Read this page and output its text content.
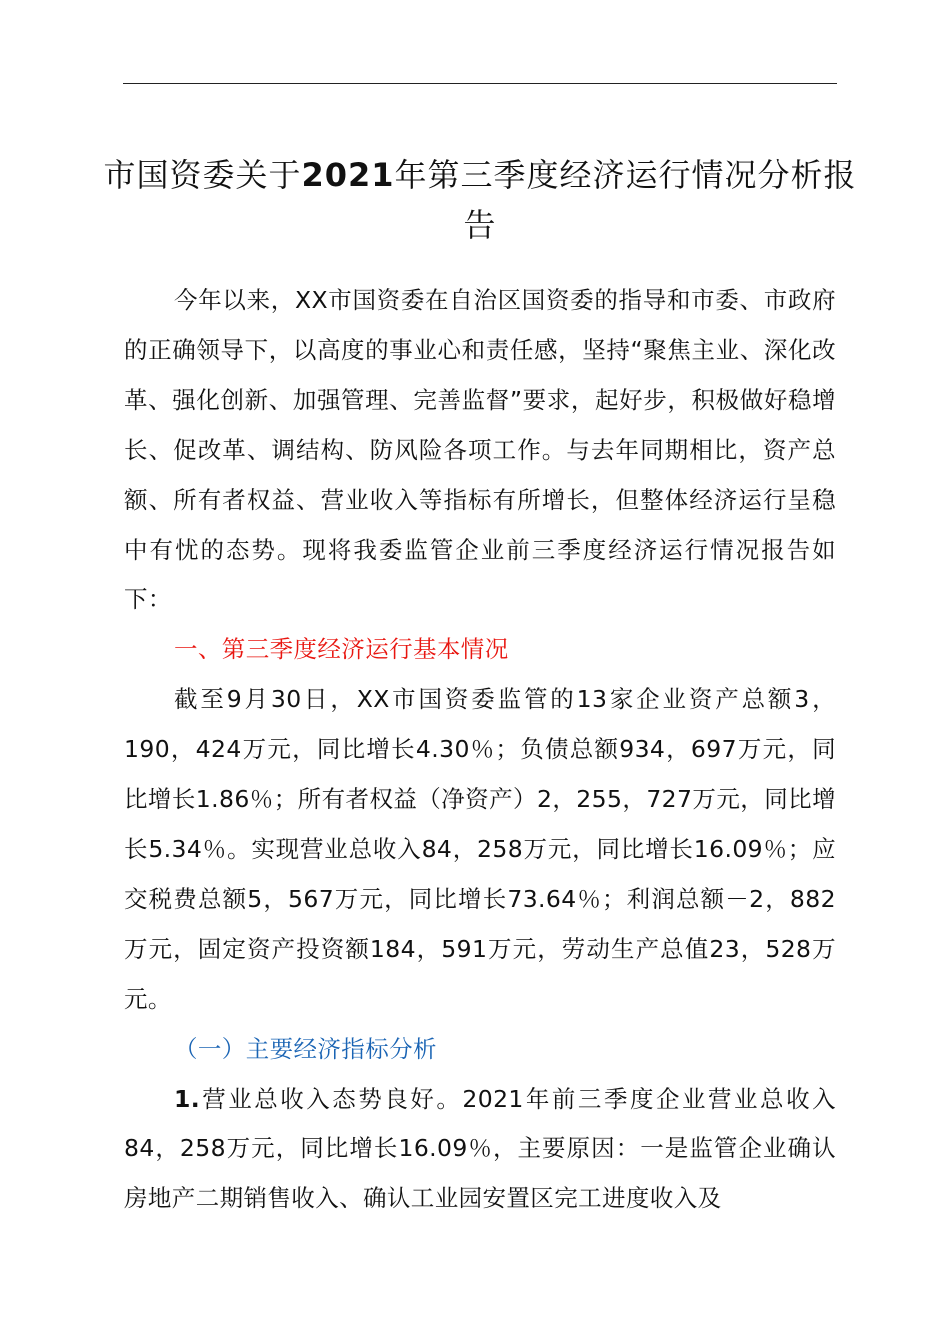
市国资委关于2021年第三季度经济运行情况分析报告

今年以来，XX市国资委在自治区国资委的指导和市委、市政府的正确领导下，以高度的事业心和责任感，坚持“聚焦主业、深化改革、强化创新、加强管理、完善监督”要求，起好步，积极做好稳增长、促改革、调结构、防风险各项工作。与去年同期相比，资产总额、所有者权益、营业收入等指标有所增长，但整体经济运行呈稳中有忧的态势。现将我委监管企业前三季度经济运行情况报告如下：

一、第三季度经济运行基本情况

截至9月30日，XX市国资委监管的13家企业资产总额3，190，424万元，同比增长4.30％；负债总额934，697万元，同比增长1.86％；所有者权益（净资产）2，255，727万元，同比增长5.34％。实现营业总收入84，258万元，同比增长16.09％；应交税费总额5，567万元，同比增长73.64％；利润总额－2，882万元，固定资产投资额184，591万元，劳动生产总值23，528万元。

（一）主要经济指标分析

1.营业总收入态势良好。2021年前三季度企业营业总收入84，258万元，同比增长16.09％，主要原因：一是监管企业确认房地产二期销售收入、确认工业园安置区完工进度收入及
